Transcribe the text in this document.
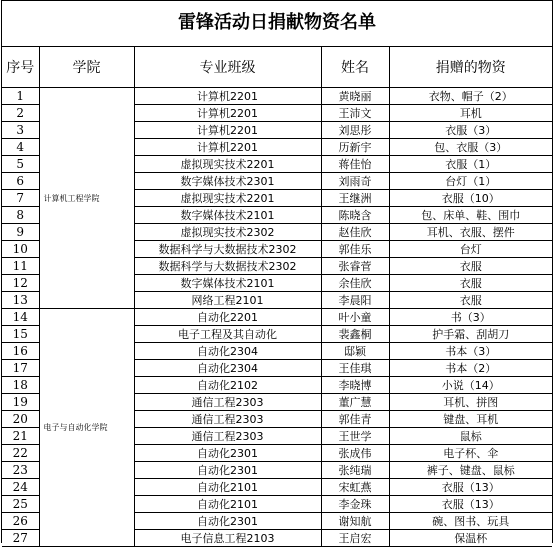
雷锋活动日捐献物资名单
序号	学院	专业班级	姓名	捐赠的物资
1	计算机工程学院	计算机2201	黄晓丽	衣物、帽子（2）
2		计算机2201	王沛文	耳机
3		计算机2201	刘思彤	衣服（3）
4		计算机2201	历新宇	包、衣服（3）
5		虚拟现实技术2201	蒋佳怡	衣服（1）
6		数字媒体技术2301	刘雨奇	台灯（1）
7		虚拟现实技术2201	王继洲	衣服（10）
8		数字媒体技术2101	陈晓含	包、床单、鞋、围巾
9		虚拟现实技术2302	赵佳欣	耳机、衣服、摆件
10		数据科学与大数据技术2302	郭佳乐	台灯
11		数据科学与大数据技术2302	张睿菅	衣服
12		数字媒体技术2101	余佳欣	衣服
13		网络工程2101	李晨阳	衣服
14	电子与自动化学院	自动化2201	叶小童	书（3）
15		电子工程及其自动化	裴鑫桐	护手霜、刮胡刀
16		自动化2304	邸颖	书本（3）
17		自动化2304	王佳琪	书本（2）
18		自动化2102	李晓博	小说（14）
19		通信工程2303	董广慧	耳机、拼图
20		通信工程2303	郭佳青	键盘、耳机
21		通信工程2303	王世学	鼠标
22		自动化2301	张成伟	电子杯、伞
23		自动化2301	张纯瑞	裤子、键盘、鼠标
24		自动化2101	宋虹燕	衣服（13）
25		自动化2101	李金珠	衣服（13）
26		自动化2301	谢知航	碗、图书、玩具
27		电子信息工程2103	王启宏	保温杯
